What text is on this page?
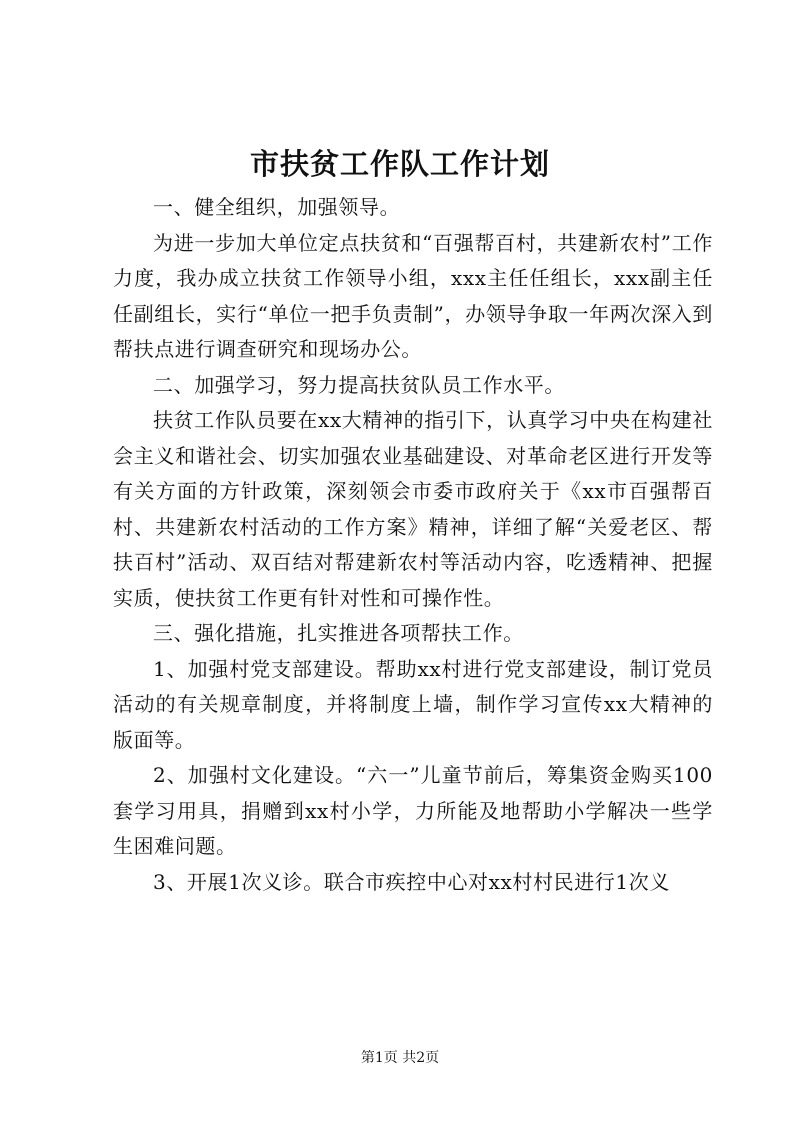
市扶贫工作队工作计划

一、健全组织，加强领导。

为进一步加大单位定点扶贫和“百强帮百村，共建新农村”工作力度，我办成立扶贫工作领导小组，xxx主任任组长，xxx副主任任副组长，实行“单位一把手负责制”，办领导争取一年两次深入到帮扶点进行调查研究和现场办公。

二、加强学习，努力提高扶贫队员工作水平。

扶贫工作队员要在xx大精神的指引下，认真学习中央在构建社会主义和谐社会、切实加强农业基础建设、对革命老区进行开发等有关方面的方针政策，深刻领会市委市政府关于《xx市百强帮百村、共建新农村活动的工作方案》精神，详细了解“关爱老区、帮扶百村”活动、双百结对帮建新农村等活动内容，吃透精神、把握实质，使扶贫工作更有针对性和可操作性。

三、强化措施，扎实推进各项帮扶工作。

1、加强村党支部建设。帮助xx村进行党支部建设，制订党员活动的有关规章制度，并将制度上墙，制作学习宣传xx大精神的版面等。

2、加强村文化建设。“六一”儿童节前后，筹集资金购买100套学习用具，捐赠到xx村小学，力所能及地帮助小学解决一些学生困难问题。

3、开展1次义诊。联合市疾控中心对xx村村民进行1次义

第1页 共2页
